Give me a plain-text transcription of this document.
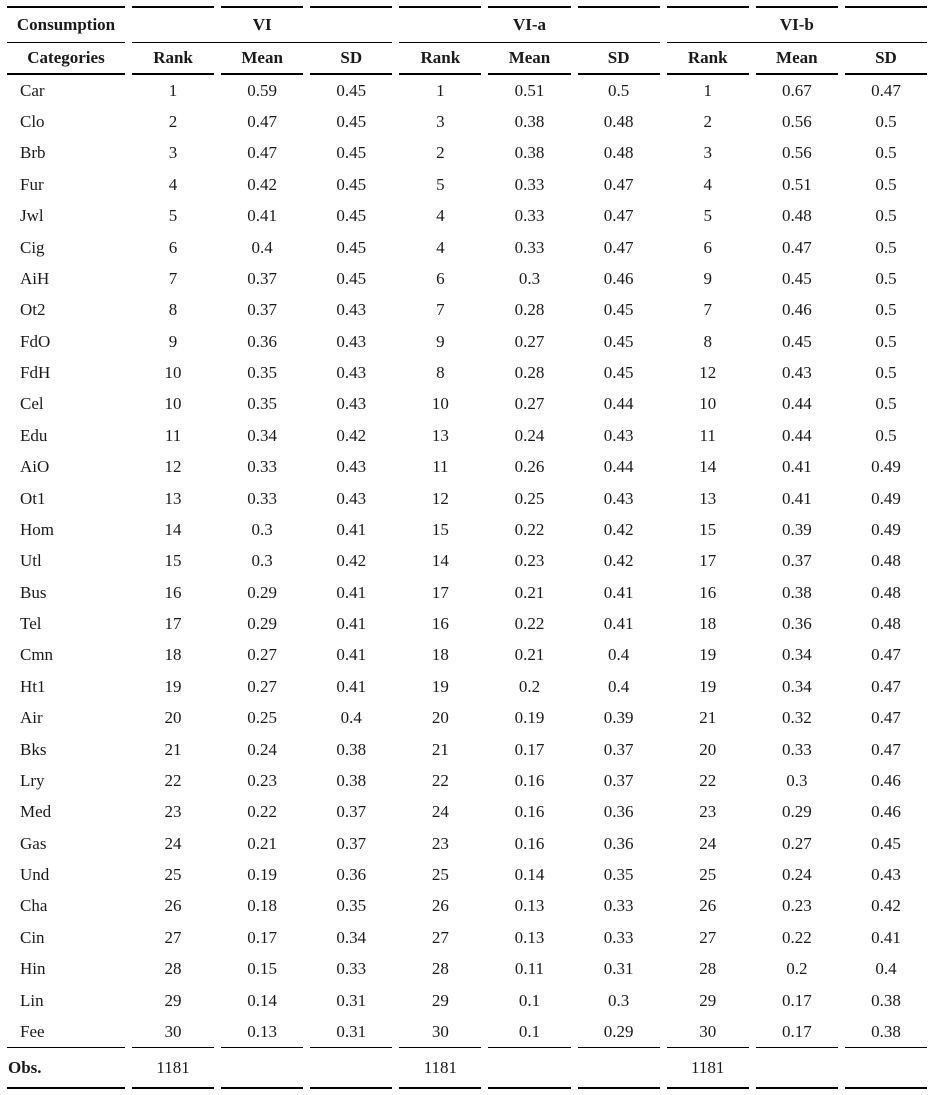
Consumption	VI			VI-a			VI-b		
Categories	Rank	Mean	SD	Rank	Mean	SD	Rank	Mean	SD
Car	1	0.59	0.45	1	0.51	0.5	1	0.67	0.47
Clo	2	0.47	0.45	3	0.38	0.48	2	0.56	0.5
Brb	3	0.47	0.45	2	0.38	0.48	3	0.56	0.5
Fur	4	0.42	0.45	5	0.33	0.47	4	0.51	0.5
Jwl	5	0.41	0.45	4	0.33	0.47	5	0.48	0.5
Cig	6	0.4	0.45	4	0.33	0.47	6	0.47	0.5
AiH	7	0.37	0.45	6	0.3	0.46	9	0.45	0.5
Ot2	8	0.37	0.43	7	0.28	0.45	7	0.46	0.5
FdO	9	0.36	0.43	9	0.27	0.45	8	0.45	0.5
FdH	10	0.35	0.43	8	0.28	0.45	12	0.43	0.5
Cel	10	0.35	0.43	10	0.27	0.44	10	0.44	0.5
Edu	11	0.34	0.42	13	0.24	0.43	11	0.44	0.5
AiO	12	0.33	0.43	11	0.26	0.44	14	0.41	0.49
Ot1	13	0.33	0.43	12	0.25	0.43	13	0.41	0.49
Hom	14	0.3	0.41	15	0.22	0.42	15	0.39	0.49
Utl	15	0.3	0.42	14	0.23	0.42	17	0.37	0.48
Bus	16	0.29	0.41	17	0.21	0.41	16	0.38	0.48
Tel	17	0.29	0.41	16	0.22	0.41	18	0.36	0.48
Cmn	18	0.27	0.41	18	0.21	0.4	19	0.34	0.47
Ht1	19	0.27	0.41	19	0.2	0.4	19	0.34	0.47
Air	20	0.25	0.4	20	0.19	0.39	21	0.32	0.47
Bks	21	0.24	0.38	21	0.17	0.37	20	0.33	0.47
Lry	22	0.23	0.38	22	0.16	0.37	22	0.3	0.46
Med	23	0.22	0.37	24	0.16	0.36	23	0.29	0.46
Gas	24	0.21	0.37	23	0.16	0.36	24	0.27	0.45
Und	25	0.19	0.36	25	0.14	0.35	25	0.24	0.43
Cha	26	0.18	0.35	26	0.13	0.33	26	0.23	0.42
Cin	27	0.17	0.34	27	0.13	0.33	27	0.22	0.41
Hin	28	0.15	0.33	28	0.11	0.31	28	0.2	0.4
Lin	29	0.14	0.31	29	0.1	0.3	29	0.17	0.38
Fee	30	0.13	0.31	30	0.1	0.29	30	0.17	0.38
Obs.	1181			1181			1181		
